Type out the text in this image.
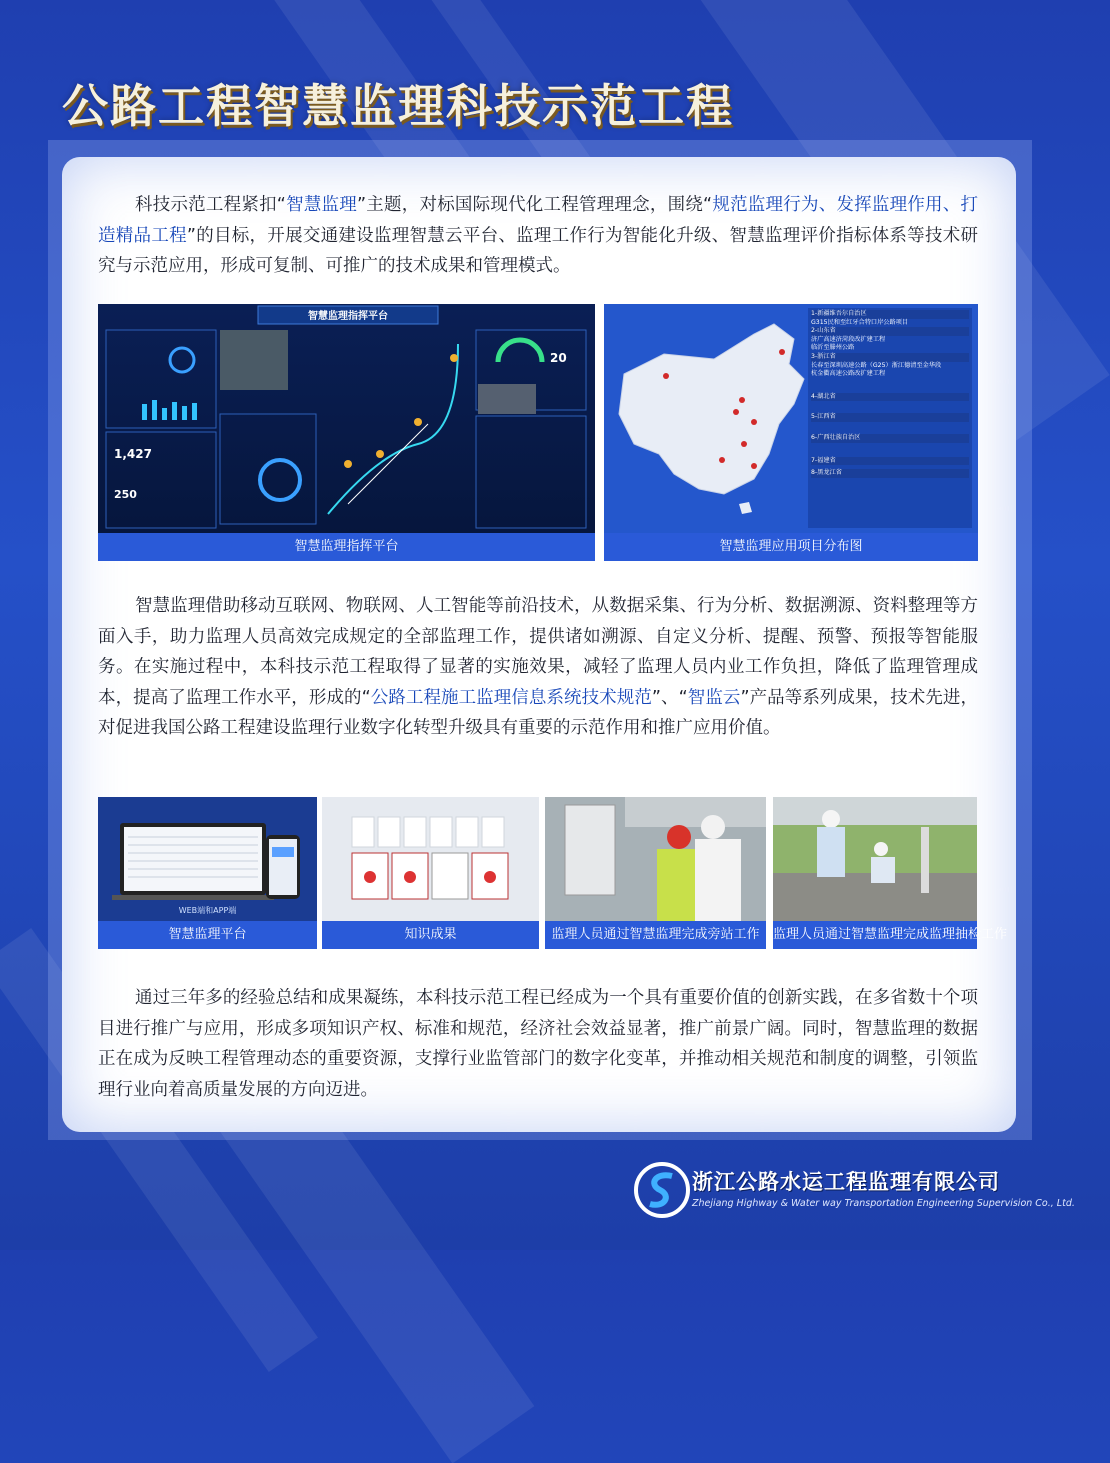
公路工程智慧监理科技示范工程

科技示范工程紧扣“智慧监理”主题，对标国际现代化工程管理理念，围绕“规范监理行为、发挥监理作用、打造精品工程”的目标，开展交通建设监理智慧云平台、监理工作行为智能化升级、智慧监理评价指标体系等技术研究与示范应用，形成可复制、可推广的技术成果和管理模式。

智慧监理指挥平台
1,427
250
20
智慧监理指挥平台
1-新疆维吾尔自治区
G315民和至红牙合特口岸公路项目
2-山东省
济广高速济菏段改扩建工程
临沂至滕州公路
3-浙江省
长春至深圳高速公路（G25）浙江德清至金华段
杭金衢高速公路改扩建工程
4-湖北省
5-江西省
6-广西壮族自治区
7-福建省
8-黑龙江省
智慧监理应用项目分布图

智慧监理借助移动互联网、物联网、人工智能等前沿技术，从数据采集、行为分析、数据溯源、资料整理等方面入手，助力监理人员高效完成规定的全部监理工作，提供诸如溯源、自定义分析、提醒、预警、预报等智能服务。在实施过程中，本科技示范工程取得了显著的实施效果，减轻了监理人员内业工作负担，降低了监理管理成本，提高了监理工作水平，形成的“公路工程施工监理信息系统技术规范”、“智监云”产品等系列成果，技术先进，对促进我国公路工程建设监理行业数字化转型升级具有重要的示范作用和推广应用价值。

WEB端和APP端
智慧监理平台	知识成果	监理人员通过智慧监理完成旁站工作	监理人员通过智慧监理完成监理抽检工作

通过三年多的经验总结和成果凝练，本科技示范工程已经成为一个具有重要价值的创新实践，在多省数十个项目进行推广与应用，形成多项知识产权、标准和规范，经济社会效益显著，推广前景广阔。同时，智慧监理的数据正在成为反映工程管理动态的重要资源，支撑行业监管部门的数字化变革，并推动相关规范和制度的调整，引领监理行业向着高质量发展的方向迈进。

浙江公路水运工程监理有限公司
Zhejiang Highway & Water way Transportation Engineering Supervision Co., Ltd.
